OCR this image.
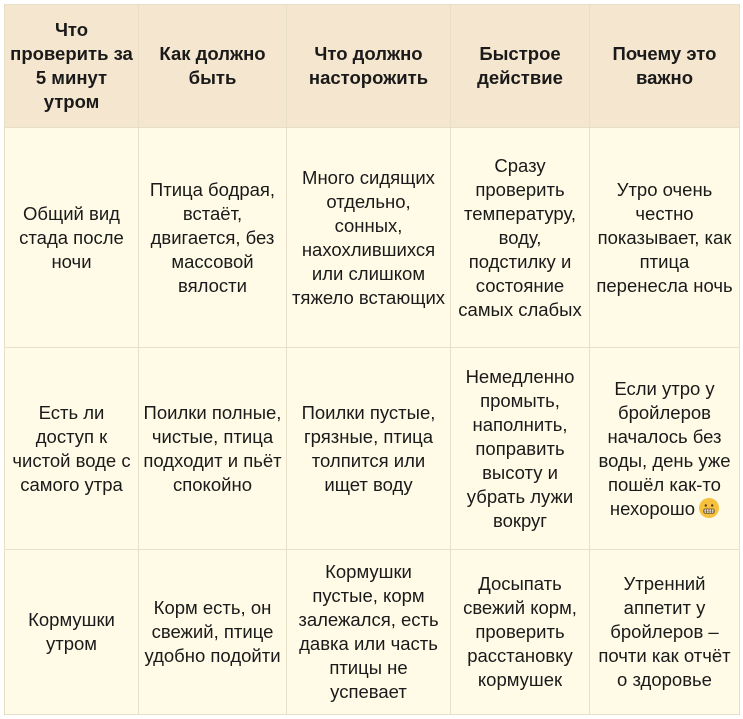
Что проверить за 5 минут утром	Как должно быть	Что должно насторожить	Быстрое действие	Почему это важно
Общий вид стада после ночи	Птица бодрая, встаёт, двигается, без массовой вялости	Много сидящих отдельно, сонных, нахохлившихся или слишком тяжело встающих	Сразу проверить температуру, воду, подстилку и состояние самых слабых	Утро очень честно показывает, как птица перенесла ночь
Есть ли доступ к чистой воде с самого утра	Поилки полные, чистые, птица подходит и пьёт спокойно	Поилки пустые, грязные, птица толпится или ищет воду	Немедленно промыть, наполнить, поправить высоту и убрать лужи вокруг	Если утро у бройлеров началось без воды, день уже пошёл как-то нехорошо

Кормушки утром	Корм есть, он свежий, птице удобно подойти	Кормушки пустые, корм залежался, есть давка или часть птицы не успевает	Досыпать свежий корм, проверить расстановку кормушек	Утренний аппетит у бройлеров – почти как отчёт о здоровье
